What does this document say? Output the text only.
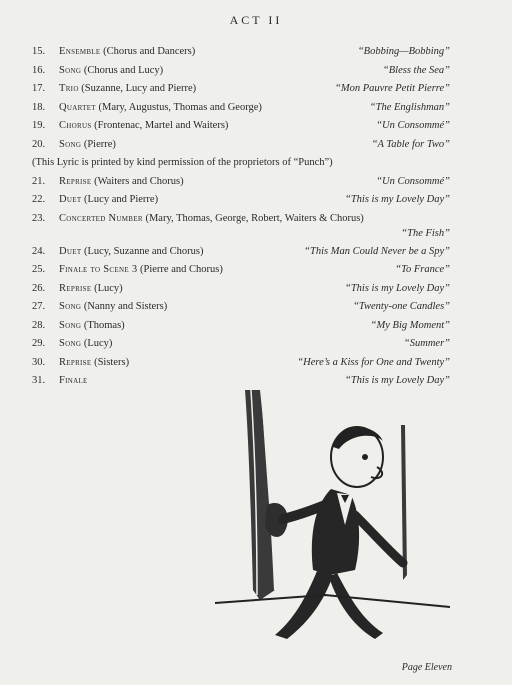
ACT II
15.	Ensemble (Chorus and Dancers)	“Bobbing—Bobbing”
16.	Song (Chorus and Lucy)	“Bless the Sea”
17.	Trio (Suzanne, Lucy and Pierre)	“Mon Pauvre Petit Pierre”
18.	Quartet (Mary, Augustus, Thomas and George)	“The Englishman”
19.	Chorus (Frontenac, Martel and Waiters)	“Un Consommé”
20.	Song (Pierre)	“A Table for Two”
(This Lyric is printed by kind permission of the proprietors of “Punch”)
21.	Reprise (Waiters and Chorus)	“Un Consommé”
22.	Duet (Lucy and Pierre)	“This is my Lovely Day”
23.	Concerted Number (Mary, Thomas, George, Robert, Waiters & Chorus)
“The Fish”
24.	Duet (Lucy, Suzanne and Chorus)	“This Man Could Never be a Spy”
25.	Finale to Scene 3 (Pierre and Chorus)	“To France”
26.	Reprise (Lucy)	“This is my Lovely Day”
27.	Song (Nanny and Sisters)	“Twenty-one Candles”
28.	Song (Thomas)	“My Big Moment”
29.	Song (Lucy)	“Summer”
30.	Reprise (Sisters)	“Here’s a Kiss for One and Twenty”
31.	Finale	“This is my Lovely Day”
Page Eleven
